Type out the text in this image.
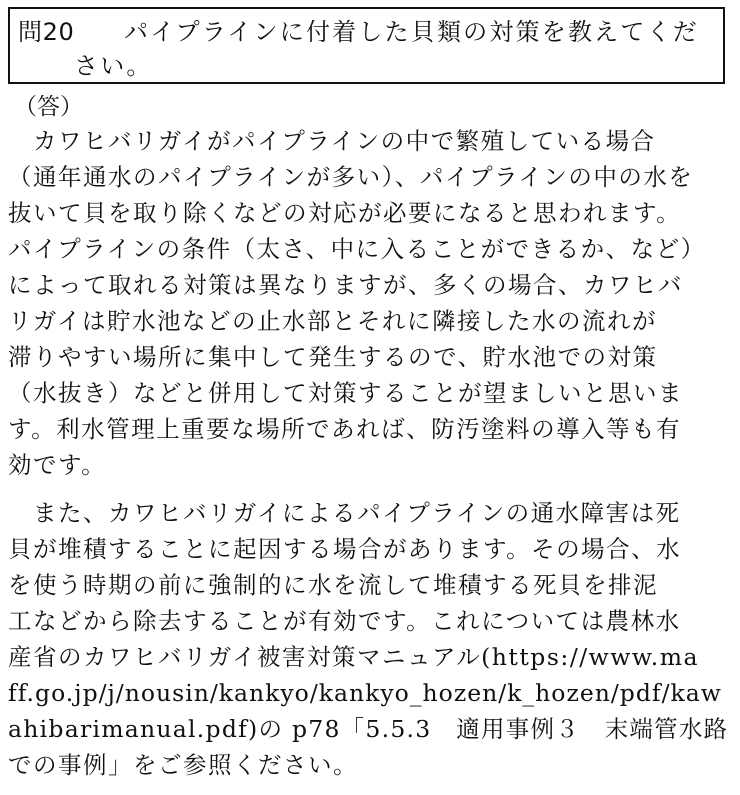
問20 パイプラインに付着した貝類の対策を教えてくだ
さい。
（答）
　カワヒバリガイがパイプラインの中で繁殖している場合
（通年通水のパイプラインが多い）、パイプラインの中の水を
抜いて貝を取り除くなどの対応が必要になると思われます。
パイプラインの条件（太さ、中に入ることができるか、など）
によって取れる対策は異なりますが、多くの場合、カワヒバ
リガイは貯水池などの止水部とそれに隣接した水の流れが
滞りやすい場所に集中して発生するので、貯水池での対策
（水抜き）などと併用して対策することが望ましいと思いま
す。利水管理上重要な場所であれば、防汚塗料の導入等も有
効です。
　また、カワヒバリガイによるパイプラインの通水障害は死
貝が堆積することに起因する場合があります。その場合、水
を使う時期の前に強制的に水を流して堆積する死貝を排泥
工などから除去することが有効です。これについては農林水
産省のカワヒバリガイ被害対策マニュアル(https://www.ma
ff.go.jp/j/nousin/kankyo/kankyo_hozen/k_hozen/pdf/kaw
ahibarimanual.pdf)の p78「5.5.3　適用事例３　末端管水路
での事例」をご参照ください。
